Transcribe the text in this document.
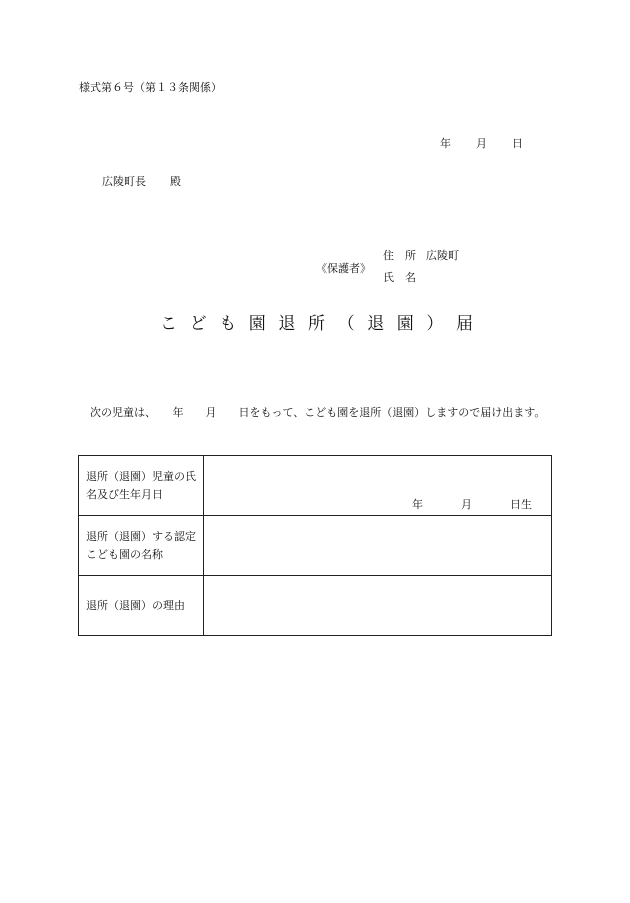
様式第６号（第１３条関係）
年 月 日
広陵町長 殿
《保護者》
住　所 広陵町
氏　名
こども園退所（退園）届
　次の児童は、　　年　　月　　日をもって、こども園を退所（退園）しますので届け出ます。
退所（退園）児童の氏名及び生年月日	年 月 日生

退所（退園）する認定こども園の名称	
退所（退園）の理由	
